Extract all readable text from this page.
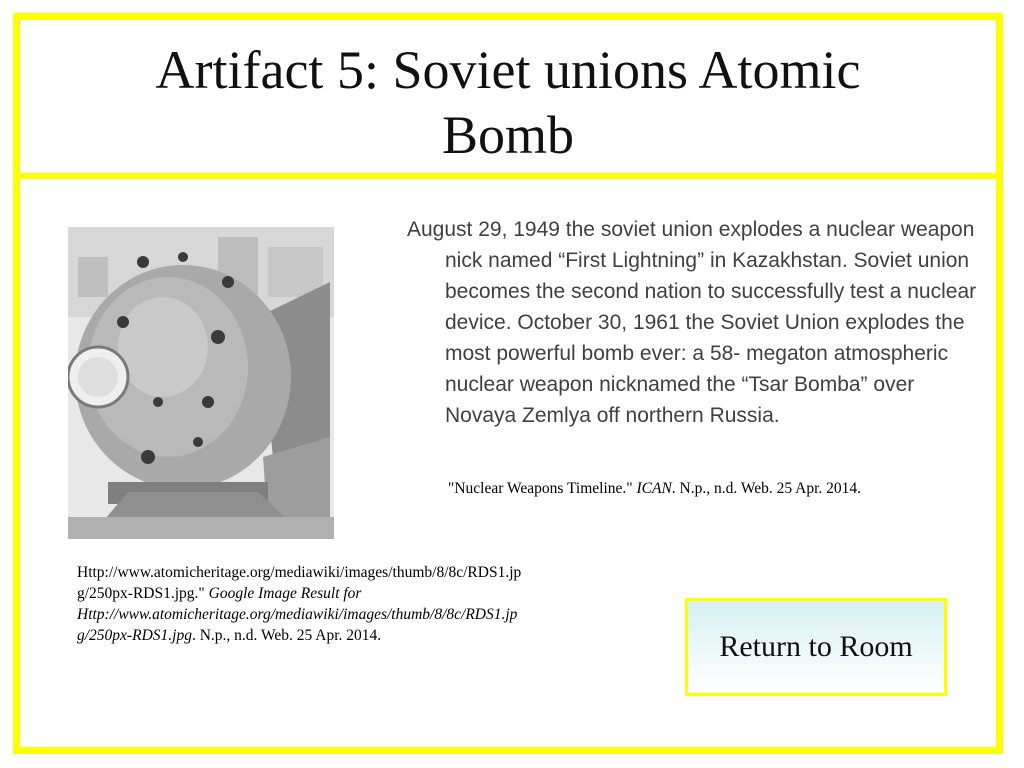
Artifact 5: Soviet unions Atomic
Bomb

August 29, 1949 the soviet union explodes a nuclear weapon nick named “First Lightning” in Kazakhstan. Soviet union becomes the second nation to successfully test a nuclear device. October 30, 1961 the Soviet Union explodes the most powerful bomb ever: a 58- megaton atmospheric nuclear weapon nicknamed the “Tsar Bomba” over Novaya Zemlya off northern Russia.

"Nuclear Weapons Timeline." ICAN. N.p., n.d. Web. 25 Apr. 2014.
Http://www.atomicheritage.org/mediawiki/images/thumb/8/8c/RDS1.jp
g/250px-RDS1.jpg." Google Image Result for
Http://www.atomicheritage.org/mediawiki/images/thumb/8/8c/RDS1.jp
g/250px-RDS1.jpg. N.p., n.d. Web. 25 Apr. 2014.	Return to Room
